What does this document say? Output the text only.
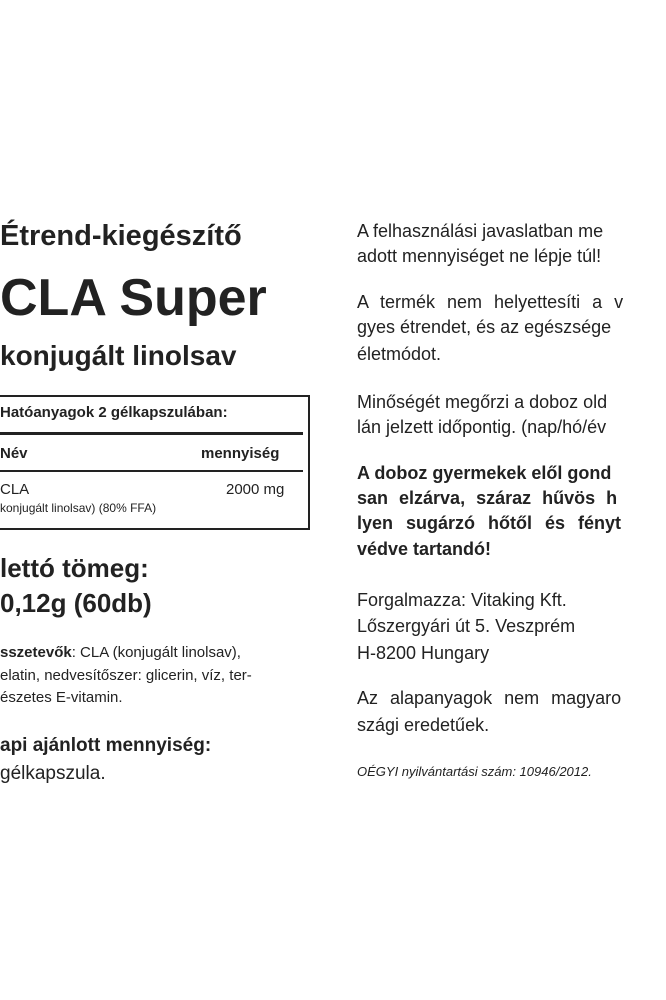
Étrend-kiegészítő
CLA Super
konjugált linolsav
Hatóanyagok 2 gélkapszulában:
Név	mennyiség
CLA	2000 mg
konjugált linolsav) (80% FFA)
lettó tömeg:
0,12g (60db)
sszetevők: CLA (konjugált linolsav),
elatin, nedvesítőszer: glicerin, víz, ter-
észetes E-vitamin.
api ajánlott mennyiség:
gélkapszula.
A felhasználási javaslatban me
adott mennyiséget ne lépje túl!
A termék nem helyettesíti a v
gyes étrendet, és az egészsége
életmódot.
Minőségét megőrzi a doboz old
lán jelzett időpontig. (nap/hó/év
A doboz gyermekek elől gond
san elzárva, száraz hűvös h
lyen sugárzó hőtől és fényt
védve tartandó!
Forgalmazza: Vitaking Kft.
Lőszergyári út 5. Veszprém
H-8200 Hungary
Az alapanyagok nem magyaro
szági eredetűek.
OÉGYI nyilvántartási szám: 10946/2012.
